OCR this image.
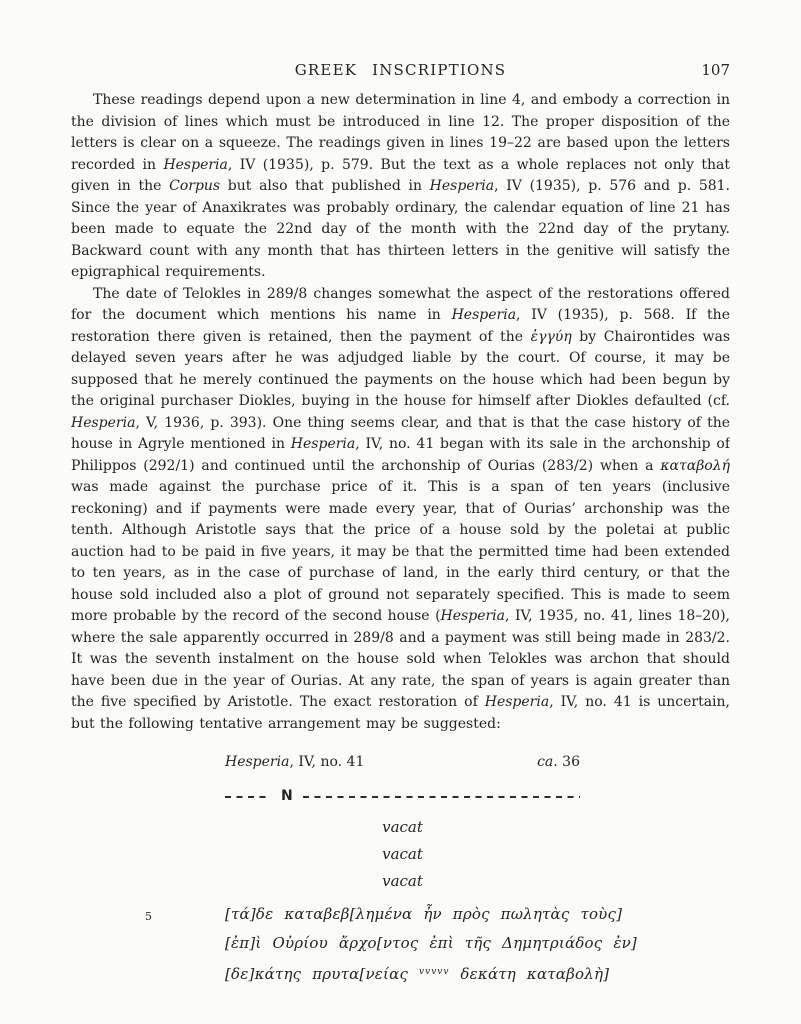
GREEK INSCRIPTIONS	107

These readings depend upon a new determination in line 4, and embody a correction in the division of lines which must be introduced in line 12. The proper disposition of the letters is clear on a squeeze. The readings given in lines 19–22 are based upon the letters recorded in Hesperia, IV (1935), p. 579. But the text as a whole replaces not only that given in the Corpus but also that published in Hesperia, IV (1935), p. 576 and p. 581. Since the year of Anaxikrates was probably ordinary, the calendar equation of line 21 has been made to equate the 22nd day of the month with the 22nd day of the prytany. Backward count with any month that has thirteen letters in the genitive will satisfy the epigraphical requirements.

The date of Telokles in 289/8 changes somewhat the aspect of the restorations offered for the document which mentions his name in Hesperia, IV (1935), p. 568. If the restoration there given is retained, then the payment of the ἐγγύη by Chairontides was delayed seven years after he was adjudged liable by the court. Of course, it may be supposed that he merely continued the payments on the house which had been begun by the original purchaser Diokles, buying in the house for himself after Diokles defaulted (cf. Hesperia, V, 1936, p. 393). One thing seems clear, and that is that the case history of the house in Agryle mentioned in Hesperia, IV, no. 41 began with its sale in the archonship of Philippos (292/1) and continued until the archonship of Ourias (283/2) when a καταβολή was made against the purchase price of it. This is a span of ten years (inclusive reckoning) and if payments were made every year, that of Ourias’ archonship was the tenth. Although Aristotle says that the price of a house sold by the poletai at public auction had to be paid in five years, it may be that the permitted time had been extended to ten years, as in the case of purchase of land, in the early third century, or that the house sold included also a plot of ground not separately specified. This is made to seem more probable by the record of the second house (Hesperia, IV, 1935, no. 41, lines 18–20), where the sale apparently occurred in 289/8 and a payment was still being made in 283/2. It was the seventh instalment on the house sold when Telokles was archon that should have been due in the year of Ourias. At any rate, the span of years is again greater than the five specified by Aristotle. The exact restoration of Hesperia, IV, no. 41 is uncertain, but the following tentative arrangement may be suggested:

Hesperia, IV, no. 41	ca. 36
N
vacat
vacat
vacat
5	[τά]δε καταβεβ[λημένα ἦν πρὸς πωλητὰς τοὺς]
[ἐπ]ὶ Οὐρίου ἄρχο[ντος ἐπὶ τῆς Δημητριάδος ἐν]
[δε]κάτης πρυτα[νείας $^{vvvvv}$ δεκάτη καταβολὴ]
